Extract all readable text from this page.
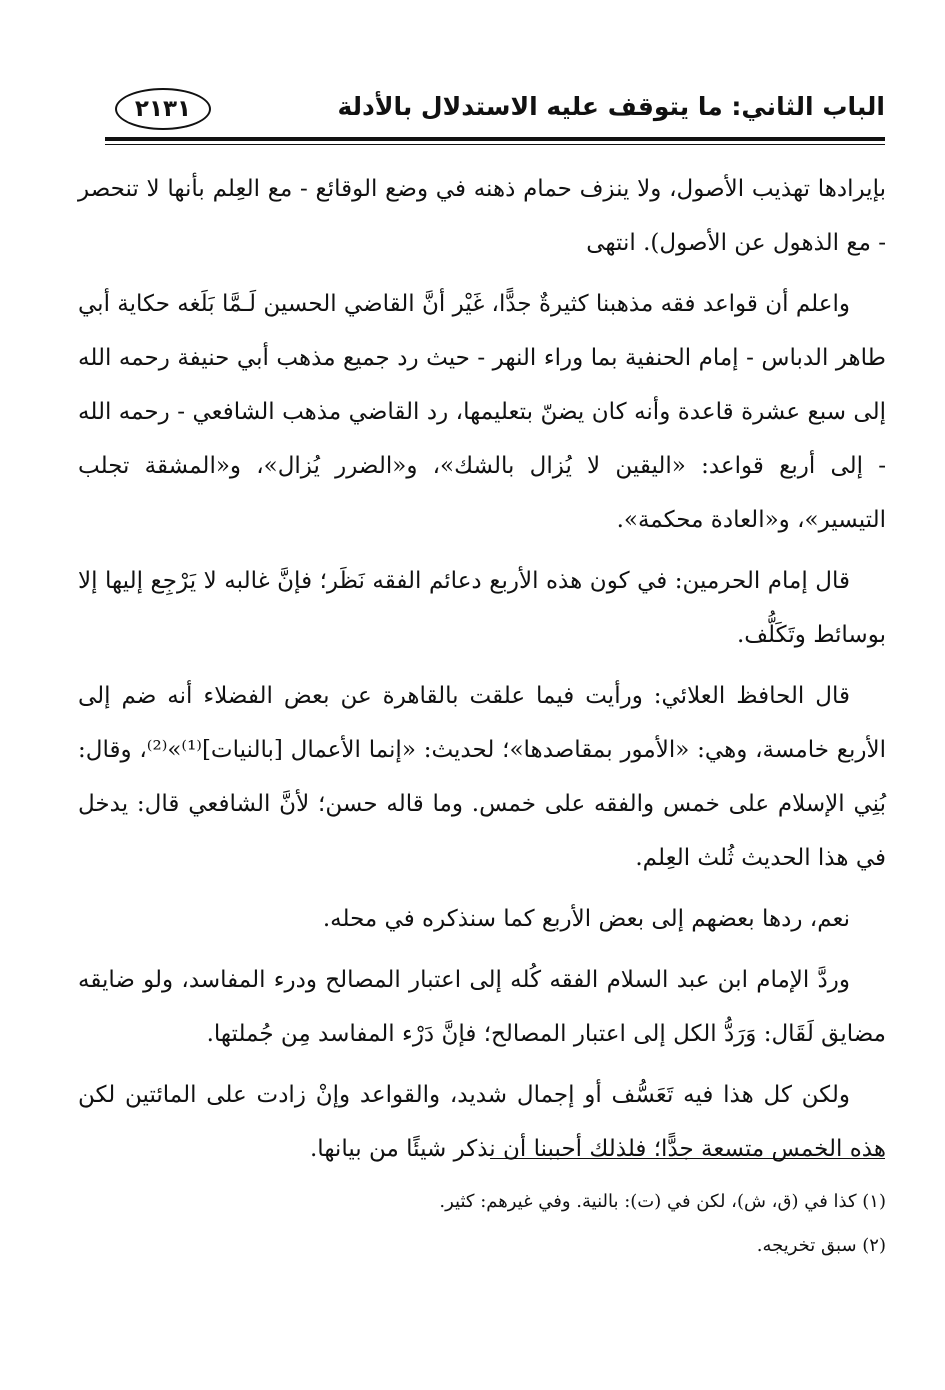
الباب الثاني: ما يتوقف عليه الاستدلال بالأدلة
٢١٣١

بإيرادها تهذيب الأصول، ولا ينزف حمام ذهنه في وضع الوقائع - مع العِلم بأنها لا تنحصر - مع الذهول عن الأصول). انتهى

واعلم أن قواعد فقه مذهبنا كثيرةٌ جدًّا، غَيْر أنَّ القاضي الحسين لَـمَّا بَلَغه حكاية أبي طاهر الدباس - إمام الحنفية بما وراء النهر - حيث رد جميع مذهب أبي حنيفة رحمه الله إلى سبع عشرة قاعدة وأنه كان يضنّ بتعليمها، رد القاضي مذهب الشافعي - رحمه الله - إلى أربع قواعد: «اليقين لا يُزال بالشك»، و«الضرر يُزال»، و«المشقة تجلب التيسير»، و«العادة محكمة».

قال إمام الحرمين: في كون هذه الأربع دعائم الفقه نَظَر؛ فإنَّ غالبه لا يَرْجِع إليها إلا بوسائط وتَكَلُّف.

قال الحافظ العلائي: ورأيت فيما علقت بالقاهرة عن بعض الفضلاء أنه ضم إلى الأربع خامسة، وهي: «الأمور بمقاصدها»؛ لحديث: «إنما الأعمال [بالنيات]⁽¹⁾»⁽²⁾، وقال: بُنِي الإسلام على خمس والفقه على خمس. وما قاله حسن؛ لأنَّ الشافعي قال: يدخل في هذا الحديث ثُلث العِلم.

نعم، ردها بعضهم إلى بعض الأربع كما سنذكره في محله.

وردَّ الإمام ابن عبد السلام الفقه كُله إلى اعتبار المصالح ودرء المفاسد، ولو ضايقه مضايق لَقَال: وَرَدُّ الكل إلى اعتبار المصالح؛ فإنَّ دَرْء المفاسد مِن جُملتها.

ولكن كل هذا فيه تَعَسُّف أو إجمال شديد، والقواعد وإنْ زادت على المائتين لكن هذه الخمس متسعة جدًّا؛ فلذلك أحببنا أن نذكر شيئًا من بيانها.

(١) كذا في (ق، ش)، لكن في (ت): بالنية. وفي غيرهم: كثير.
(٢) سبق تخريجه.
